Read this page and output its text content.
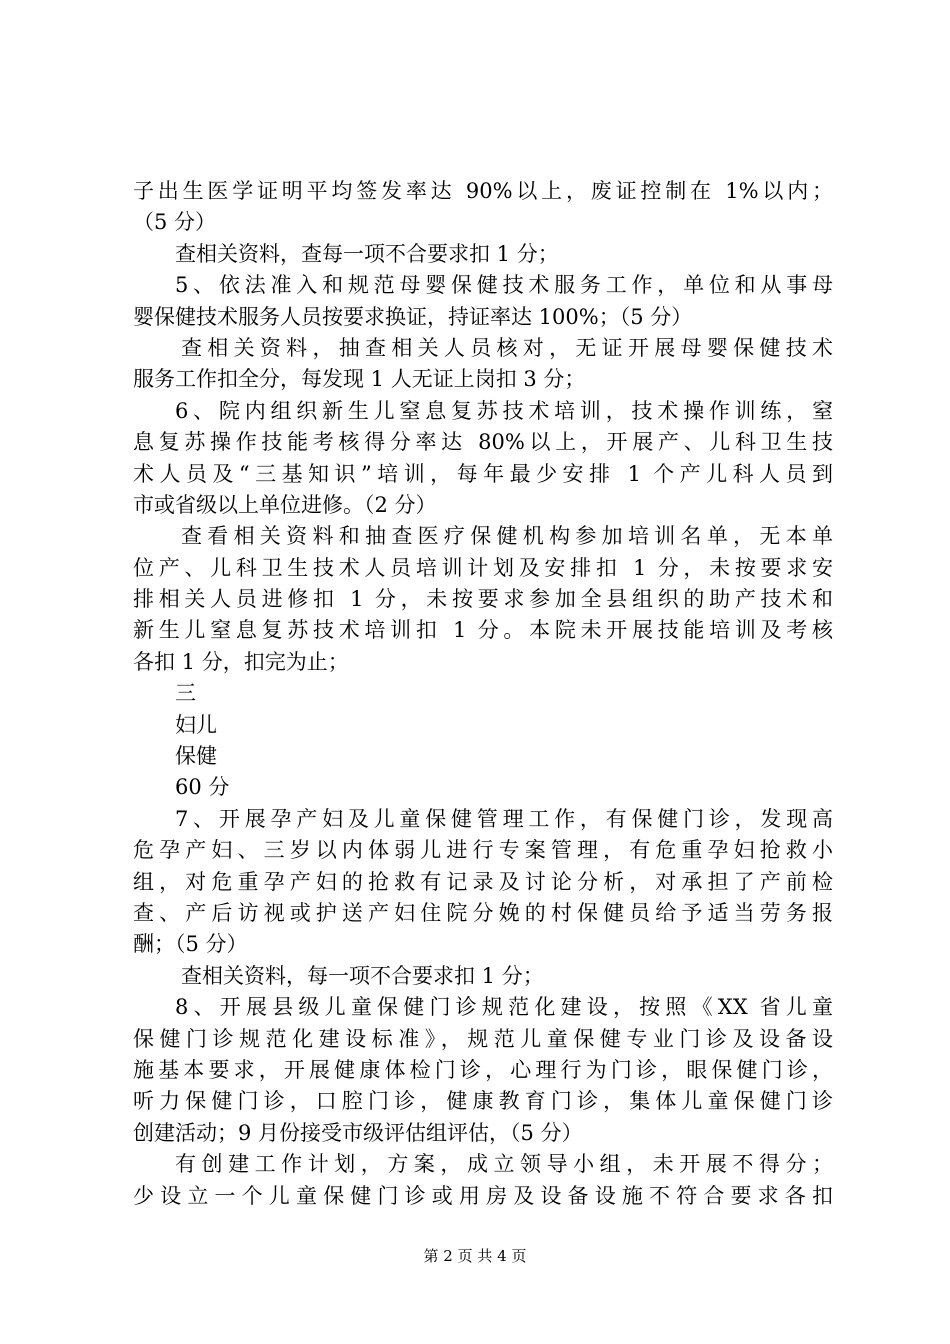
子出生医学证明平均签发率达 90%以上，废证控制在 1%以内；
（5 分）
查相关资料，查每一项不合要求扣 1 分；
5、依法准入和规范母婴保健技术服务工作，单位和从事母
婴保健技术服务人员按要求换证，持证率达 100%；（5 分）
查相关资料，抽查相关人员核对，无证开展母婴保健技术
服务工作扣全分，每发现 1 人无证上岗扣 3 分；
6、院内组织新生儿窒息复苏技术培训，技术操作训练，窒
息复苏操作技能考核得分率达 80%以上，开展产、儿科卫生技
术人员及“三基知识”培训，每年最少安排 1 个产儿科人员到
市或省级以上单位进修。（2 分）
查看相关资料和抽查医疗保健机构参加培训名单，无本单
位产、儿科卫生技术人员培训计划及安排扣 1 分，未按要求安
排相关人员进修扣 1 分，未按要求参加全县组织的助产技术和
新生儿窒息复苏技术培训扣 1 分。本院未开展技能培训及考核
各扣 1 分，扣完为止；
三
妇儿
保健
60 分
7、开展孕产妇及儿童保健管理工作，有保健门诊，发现高
危孕产妇、三岁以内体弱儿进行专案管理，有危重孕妇抢救小
组，对危重孕产妇的抢救有记录及讨论分析，对承担了产前检
查、产后访视或护送产妇住院分娩的村保健员给予适当劳务报
酬；（5 分）
查相关资料，每一项不合要求扣 1 分；
8、开展县级儿童保健门诊规范化建设，按照《XX 省儿童
保健门诊规范化建设标准》，规范儿童保健专业门诊及设备设
施基本要求，开展健康体检门诊，心理行为门诊，眼保健门诊，
听力保健门诊，口腔门诊，健康教育门诊，集体儿童保健门诊
创建活动；9 月份接受市级评估组评估，（5 分）
有创建工作计划，方案，成立领导小组，未开展不得分；
少设立一个儿童保健门诊或用房及设备设施不符合要求各扣
第 2 页 共 4 页
